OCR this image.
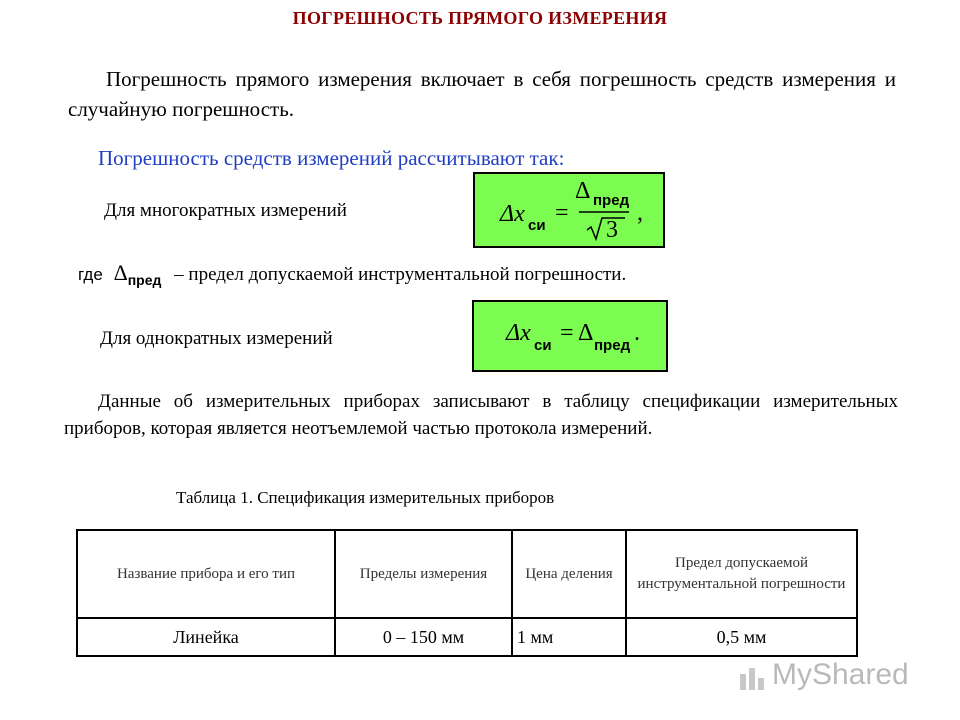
ПОГРЕШНОСТЬ ПРЯМОГО ИЗМЕРЕНИЯ
Погрешность прямого измерения включает в себя погрешность средств измерения и случайную погрешность.
Погрешность средств измерений рассчитывают так:
Для многократных измерений	Δx си =
Δ пред
3
,
где $\Delta_{пред}$ – предел допускаемой инструментальной погрешности.
Для однократных измерений	Δx си = Δ пред .
Данные об измерительных приборах записывают в таблицу спецификации измерительных приборов, которая является неотъемлемой частью протокола измерений.
Таблица 1. Спецификация измерительных приборов
Название прибора и его тип	Пределы измерения	Цена деления	Предел допускаемой инструментальной погрешности
Линейка	0 – 150 мм	1 мм	0,5 мм
MyShared
